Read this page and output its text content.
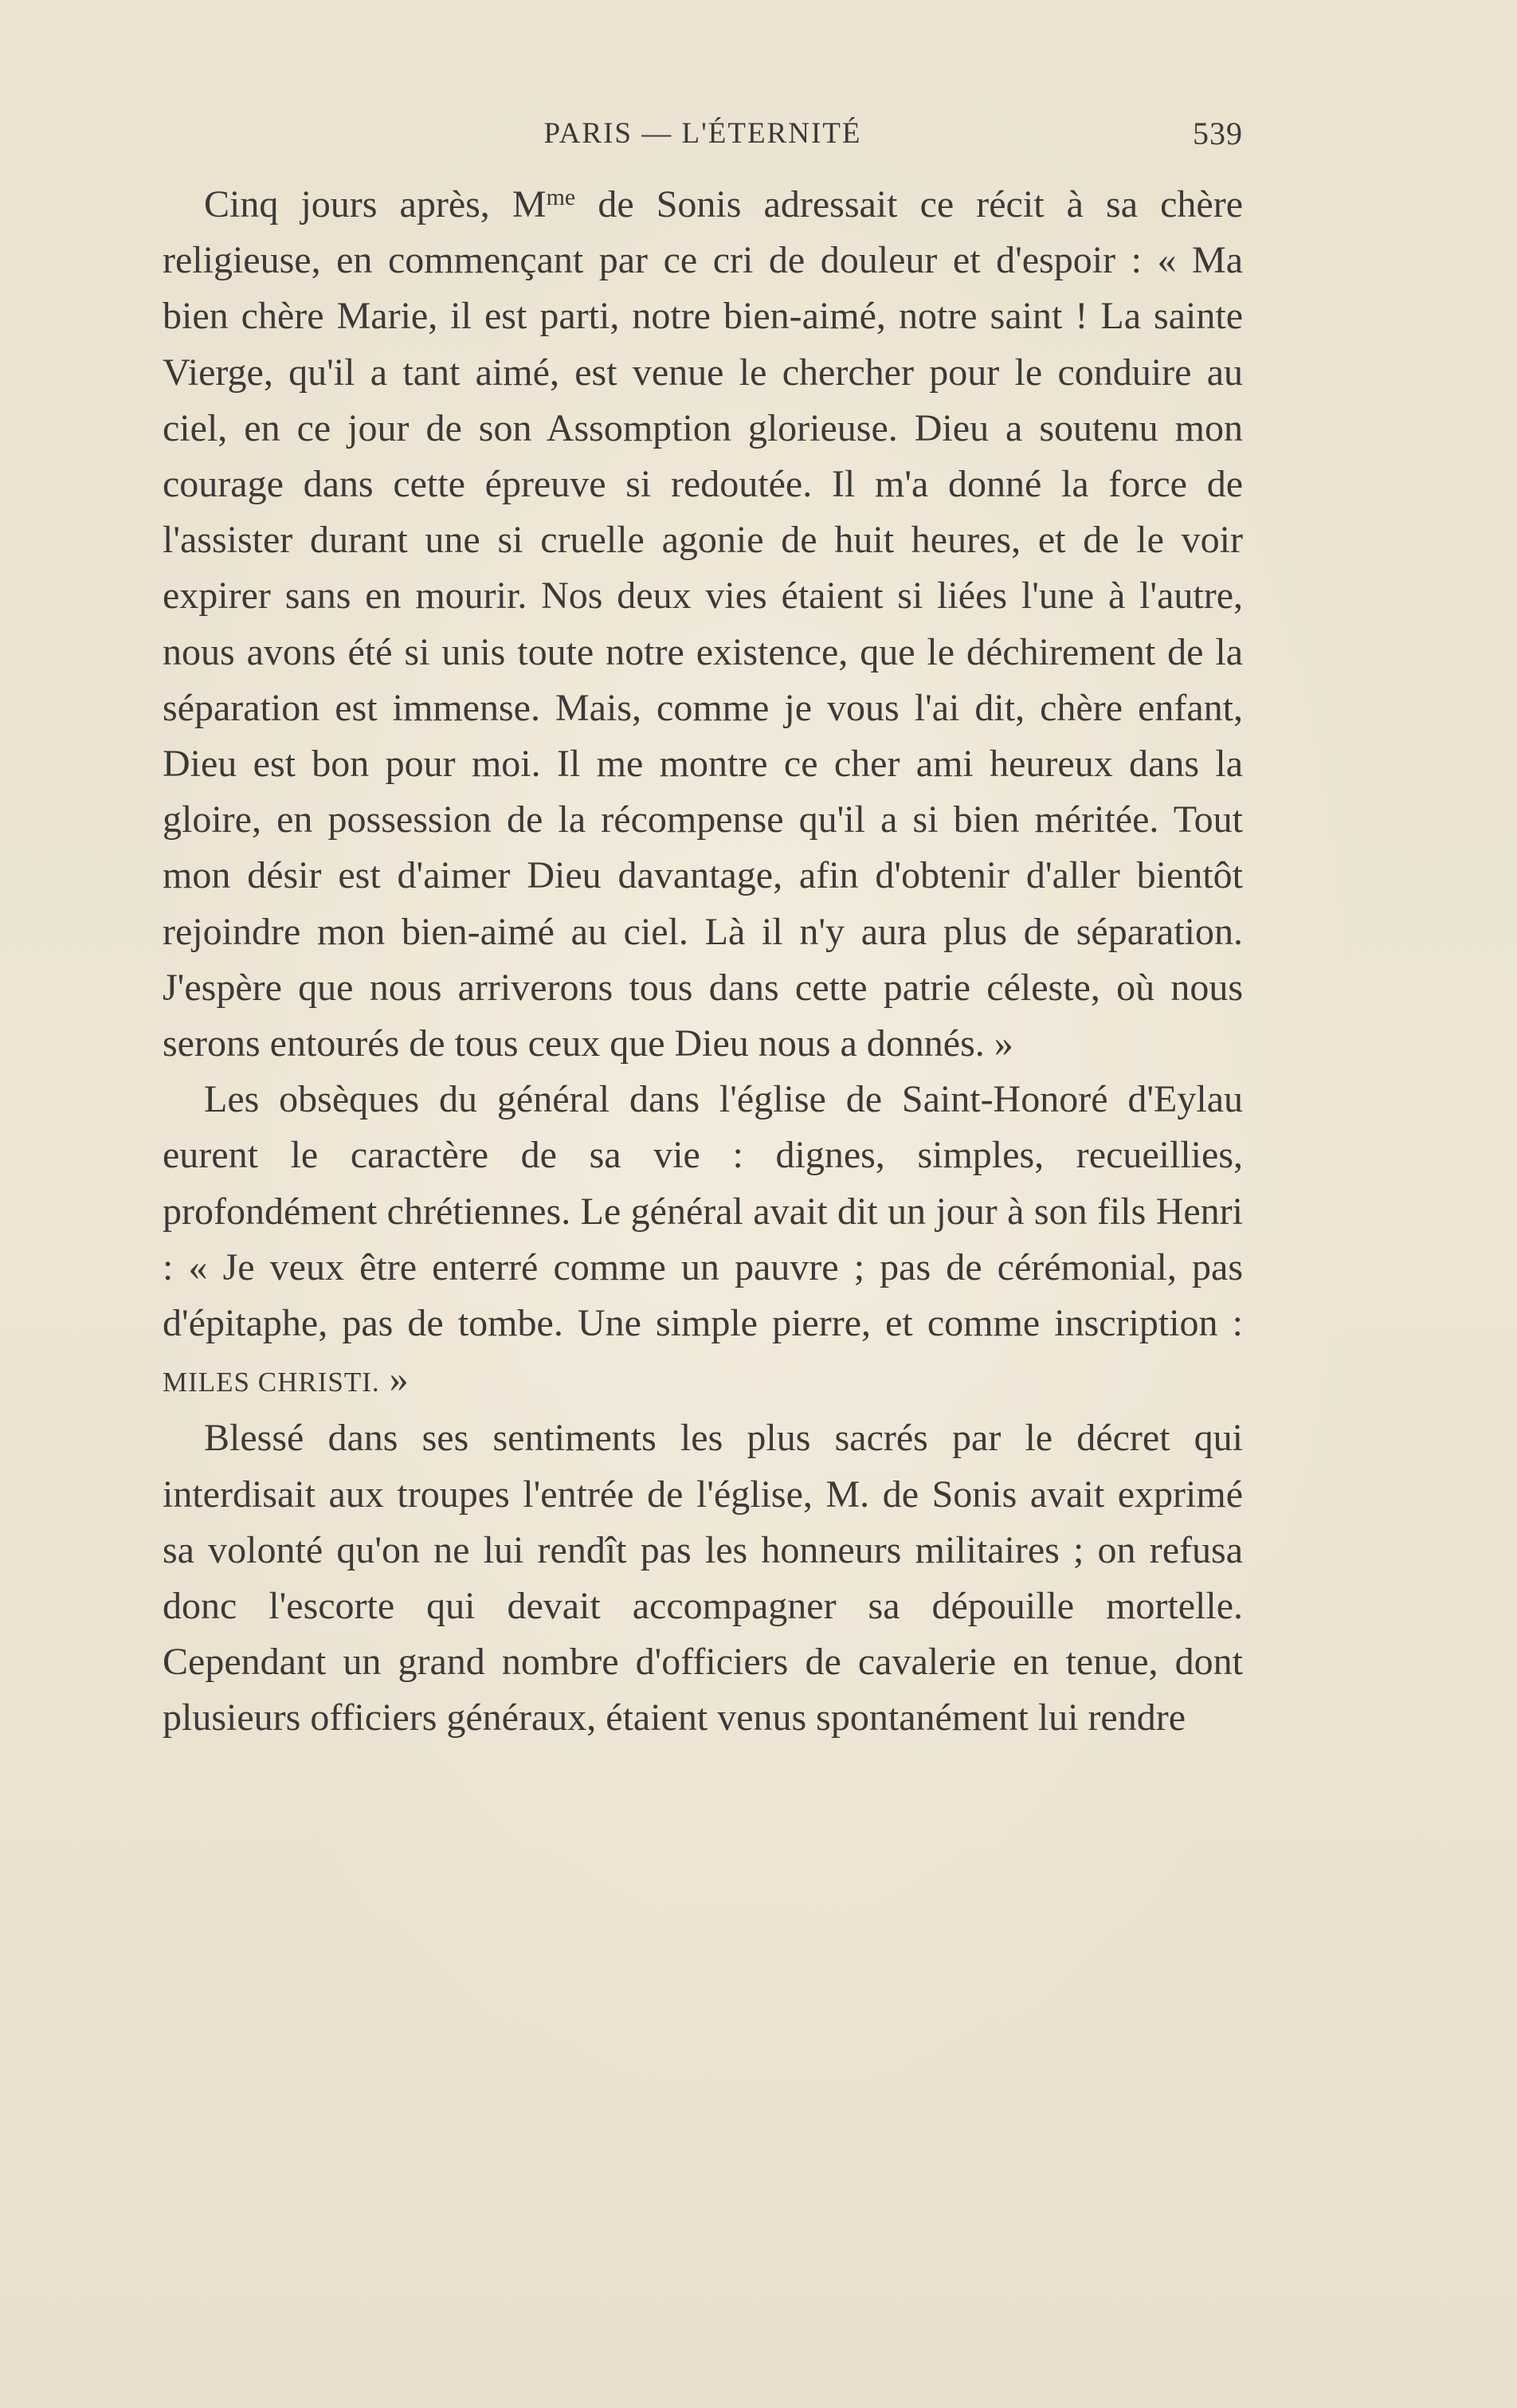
PARIS — L'ÉTERNITÉ	539

Cinq jours après, $M^{me}$ de Sonis adressait ce récit à sa chère religieuse, en commençant par ce cri de douleur et d'espoir : « Ma bien chère Marie, il est parti, notre bien-aimé, notre saint ! La sainte Vierge, qu'il a tant aimé, est venue le chercher pour le conduire au ciel, en ce jour de son Assomption glorieuse. Dieu a soutenu mon courage dans cette épreuve si redoutée. Il m'a donné la force de l'assister durant une si cruelle agonie de huit heures, et de le voir expirer sans en mourir. Nos deux vies étaient si liées l'une à l'autre, nous avons été si unis toute notre existence, que le déchirement de la séparation est immense. Mais, comme je vous l'ai dit, chère enfant, Dieu est bon pour moi. Il me montre ce cher ami heureux dans la gloire, en possession de la récompense qu'il a si bien méritée. Tout mon désir est d'aimer Dieu davantage, afin d'obtenir d'aller bientôt rejoindre mon bien-aimé au ciel. Là il n'y aura plus de séparation. J'espère que nous arriverons tous dans cette patrie céleste, où nous serons entourés de tous ceux que Dieu nous a donnés. »

Les obsèques du général dans l'église de Saint-Honoré d'Eylau eurent le caractère de sa vie : dignes, simples, recueillies, profondément chrétiennes. Le général avait dit un jour à son fils Henri : « Je veux être enterré comme un pauvre ; pas de cérémonial, pas d'épitaphe, pas de tombe. Une simple pierre, et comme inscription : MILES CHRISTI. »

Blessé dans ses sentiments les plus sacrés par le décret qui interdisait aux troupes l'entrée de l'église, M. de Sonis avait exprimé sa volonté qu'on ne lui rendît pas les honneurs militaires ; on refusa donc l'escorte qui devait accompagner sa dépouille mortelle. Cependant un grand nombre d'officiers de cavalerie en tenue, dont plusieurs officiers généraux, étaient venus spontanément lui rendre
